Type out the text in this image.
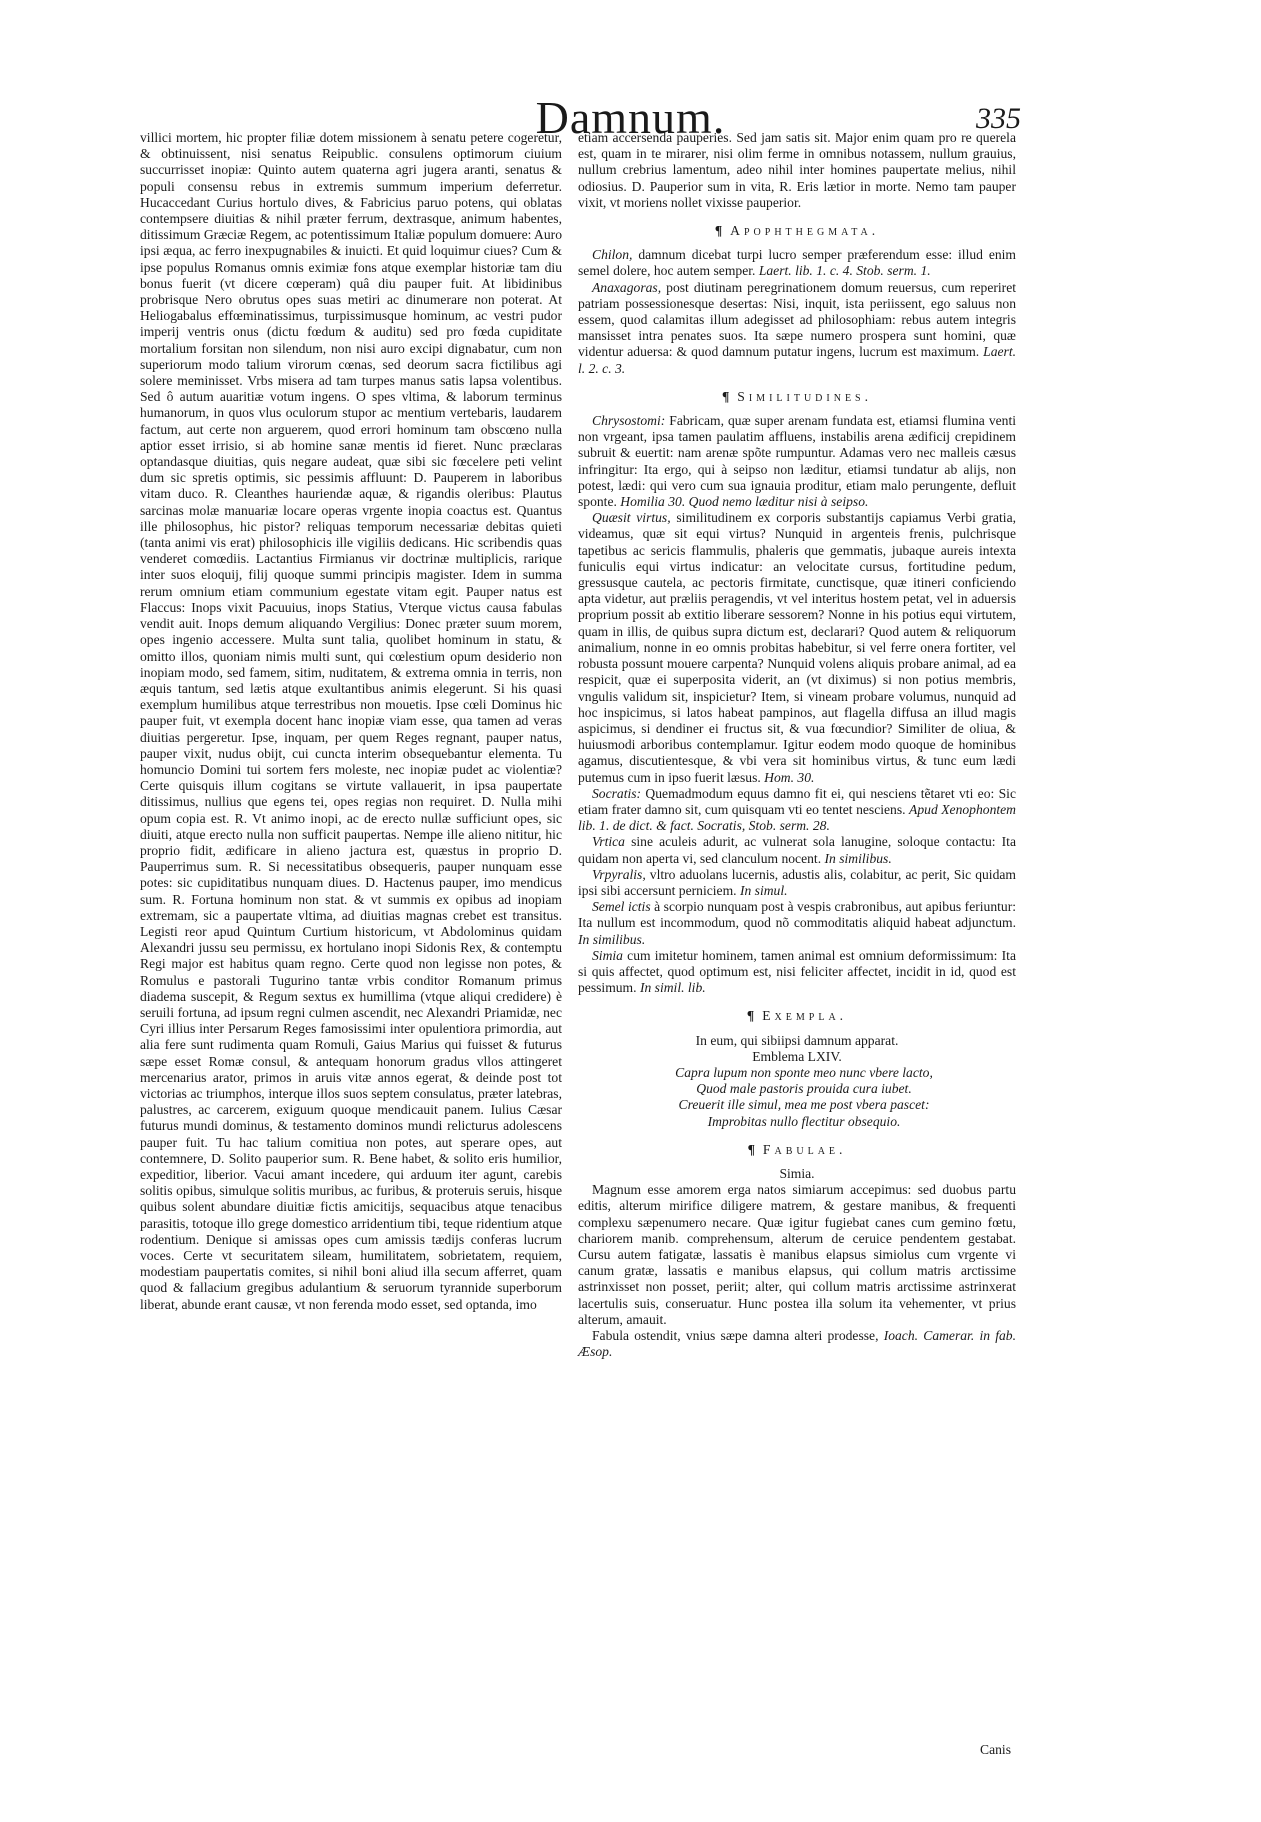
Damnum.	335

villici mortem, hic propter filiæ dotem missionem à senatu petere cogeretur, & obtinuissent, nisi senatus Reipublic. consulens optimorum ciuium succurrisset inopiæ: Quinto autem quaterna agri jugera aranti, senatus & populi consensu rebus in extremis summum imperium deferretur. Hucaccedant Curius hortulo dives, & Fabricius paruo potens, qui oblatas contempsere diuitias & nihil præter ferrum, dextrasque, animum habentes, ditissimum Græciæ Regem, ac potentissimum Italiæ populum domuere: Auro ipsi æqua, ac ferro inexpugnabiles & inuicti. Et quid loquimur ciues? Cum & ipse populus Romanus omnis eximiæ fons atque exemplar historiæ tam diu bonus fuerit (vt dicere cœperam) quâ diu pauper fuit. At libidinibus probrisque Nero obrutus opes suas metiri ac dinumerare non poterat. At Heliogabalus effœminatissimus, turpissimusque hominum, ac vestri pudor imperij ventris onus (dictu fœdum & auditu) sed pro fœda cupiditate mortalium forsitan non silendum, non nisi auro excipi dignabatur, cum non superiorum modo talium virorum cœnas, sed deorum sacra fictilibus agi solere meminisset. Vrbs misera ad tam turpes manus satis lapsa volentibus. Sed ô autum auaritiæ votum ingens. O spes vltima, & laborum terminus humanorum, in quos vlus oculorum stupor ac mentium vertebaris, laudarem factum, aut certe non arguerem, quod errori hominum tam obscœno nulla aptior esset irrisio, si ab homine sanæ mentis id fieret. Nunc præclaras optandasque diuitias, quis negare audeat, quæ sibi sic fœcelere peti velint dum sic spretis optimis, sic pessimis affluunt: D. Pauperem in laboribus vitam duco. R. Cleanthes hauriendæ aquæ, & rigandis oleribus: Plautus sarcinas molæ manuariæ locare operas vrgente inopia coactus est. Quantus ille philosophus, hic pistor? reliquas temporum necessariæ debitas quieti (tanta animi vis erat) philosophicis ille vigiliis dedicans. Hic scribendis quas venderet comœdiis. Lactantius Firmianus vir doctrinæ multiplicis, rarique inter suos eloquij, filij quoque summi principis magister. Idem in summa rerum omnium etiam communium egestate vitam egit. Pauper natus est Flaccus: Inops vixit Pacuuius, inops Statius, Vterque victus causa fabulas vendit auit. Inops demum aliquando Vergilius: Donec præter suum morem, opes ingenio accessere. Multa sunt talia, quolibet hominum in statu, & omitto illos, quoniam nimis multi sunt, qui cœlestium opum desiderio non inopiam modo, sed famem, sitim, nuditatem, & extrema omnia in terris, non æquis tantum, sed lætis atque exultantibus animis elegerunt. Si his quasi exemplum humilibus atque terrestribus non mouetis. Ipse cœli Dominus hic pauper fuit, vt exempla docent hanc inopiæ viam esse, qua tamen ad veras diuitias pergeretur. Ipse, inquam, per quem Reges regnant, pauper natus, pauper vixit, nudus obijt, cui cuncta interim obsequebantur elementa. Tu homuncio Domini tui sortem fers moleste, nec inopiæ pudet ac violentiæ? Certe quisquis illum cogitans se virtute vallauerit, in ipsa paupertate ditissimus, nullius que egens tei, opes regias non requiret. D. Nulla mihi opum copia est. R. Vt animo inopi, ac de erecto nullæ sufficiunt opes, sic diuiti, atque erecto nulla non sufficit paupertas. Nempe ille alieno nititur, hic proprio fidit, ædificare in alieno jactura est, quæstus in proprio D. Pauperrimus sum. R. Si necessitatibus obsequeris, pauper nunquam esse potes: sic cupiditatibus nunquam diues. D. Hactenus pauper, imo mendicus sum. R. Fortuna hominum non stat. & vt summis ex opibus ad inopiam extremam, sic a paupertate vltima, ad diuitias magnas crebet est transitus. Legisti reor apud Quintum Curtium historicum, vt Abdolominus quidam Alexandri jussu seu permissu, ex hortulano inopi Sidonis Rex, & contemptu Regi major est habitus quam regno. Certe quod non legisse non potes, & Romulus e pastorali Tugurino tantæ vrbis conditor Romanum primus diadema suscepit, & Regum sextus ex humillima (vtque aliqui credidere) è seruili fortuna, ad ipsum regni culmen ascendit, nec Alexandri Priamidæ, nec Cyri illius inter Persarum Reges famosissimi inter opulentiora primordia, aut alia fere sunt rudimenta quam Romuli, Gaius Marius qui fuisset & futurus sæpe esset Romæ consul, & antequam honorum gradus vllos attingeret mercenarius arator, primos in aruis vitæ annos egerat, & deinde post tot victorias ac triumphos, interque illos suos septem consulatus, præter latebras, palustres, ac carcerem, exiguum quoque mendicauit panem. Iulius Cæsar futurus mundi dominus, & testamento dominos mundi relicturus adolescens pauper fuit. Tu hac talium comitiua non potes, aut sperare opes, aut contemnere, D. Solito pauperior sum. R. Bene habet, & solito eris humilior, expeditior, liberior. Vacui amant incedere, qui arduum iter agunt, carebis solitis opibus, simulque solitis muribus, ac furibus, & proteruis seruis, hisque quibus solent abundare diuitiæ fictis amicitijs, sequacibus atque tenacibus parasitis, totoque illo grege domestico arridentium tibi, teque ridentium atque rodentium. Denique si amissas opes cum amissis tædijs conferas lucrum voces. Certe vt securitatem sileam, humilitatem, sobrietatem, requiem, modestiam paupertatis comites, si nihil boni aliud illa secum afferret, quam quod & fallacium gregibus adulantium & seruorum tyrannide superborum liberat, abunde erant causæ, vt non ferenda modo esset, sed optanda, imo

etiam accersenda pauperies. Sed jam satis sit. Major enim quam pro re querela est, quam in te mirarer, nisi olim ferme in omnibus notassem, nullum grauius, nullum crebrius lamentum, adeo nihil inter homines paupertate melius, nihil odiosius. D. Pauperior sum in vita, R. Eris lætior in morte. Nemo tam pauper vixit, vt moriens nollet vixisse pauperior.

¶ Apophthegmata.

Chilon, damnum dicebat turpi lucro semper præferendum esse: illud enim semel dolere, hoc autem semper. Laert. lib. 1. c. 4. Stob. serm. 1.

Anaxagoras, post diutinam peregrinationem domum reuersus, cum reperiret patriam possessionesque desertas: Nisi, inquit, ista periissent, ego saluus non essem, quod calamitas illum adegisset ad philosophiam: rebus autem integris mansisset intra penates suos. Ita sæpe numero prospera sunt homini, quæ videntur aduersa: & quod damnum putatur ingens, lucrum est maximum. Laert. l. 2. c. 3.

¶ Similitudines.

Chrysostomi: Fabricam, quæ super arenam fundata est, etiamsi flumina venti non vrgeant, ipsa tamen paulatim affluens, instabilis arena ædificij crepidinem subruit & euertit: nam arenæ spõte rumpuntur. Adamas vero nec malleis cæsus infringitur: Ita ergo, qui à seipso non læditur, etiamsi tundatur ab alijs, non potest, lædi: qui vero cum sua ignauia proditur, etiam malo perungente, defluit sponte. Homilia 30. Quod nemo læditur nisi à seipso.

Quæsit virtus, similitudinem ex corporis substantijs capiamus Verbi gratia, videamus, quæ sit equi virtus? Nunquid in argenteis frenis, pulchrisque tapetibus ac sericis flammulis, phaleris que gemmatis, jubaque aureis intexta funiculis equi virtus indicatur: an velocitate cursus, fortitudine pedum, gressusque cautela, ac pectoris firmitate, cunctisque, quæ itineri conficiendo apta videtur, aut præliis peragendis, vt vel interitus hostem petat, vel in aduersis proprium possit ab extitio liberare sessorem? Nonne in his potius equi virtutem, quam in illis, de quibus supra dictum est, declarari? Quod autem & reliquorum animalium, nonne in eo omnis probitas habebitur, si vel ferre onera fortiter, vel robusta possunt mouere carpenta? Nunquid volens aliquis probare animal, ad ea respicit, quæ ei superposita viderit, an (vt diximus) si non potius membris, vngulis validum sit, inspicietur? Item, si vineam probare volumus, nunquid ad hoc inspicimus, si latos habeat pampinos, aut flagella diffusa an illud magis aspicimus, si dendiner ei fructus sit, & vua fœcundior? Similiter de oliua, & huiusmodi arboribus contemplamur. Igitur eodem modo quoque de hominibus agamus, discutientesque, & vbi vera sit hominibus virtus, & tunc eum lædi putemus cum in ipso fuerit læsus. Hom. 30.

Socratis: Quemadmodum equus damno fit ei, qui nesciens tẽtaret vti eo: Sic etiam frater damno sit, cum quisquam vti eo tentet nesciens. Apud Xenophontem lib. 1. de dict. & fact. Socratis, Stob. serm. 28.

Vrtica sine aculeis adurit, ac vulnerat sola lanugine, soloque contactu: Ita quidam non aperta vi, sed clanculum nocent. In similibus.

Vrpyralis, vltro aduolans lucernis, adustis alis, colabitur, ac perit, Sic quidam ipsi sibi accersunt perniciem. In simul.

Semel ictis à scorpio nunquam post à vespis crabronibus, aut apibus feriuntur: Ita nullum est incommodum, quod nõ commoditatis aliquid habeat adjunctum. In similibus.

Simia cum imitetur hominem, tamen animal est omnium deformissimum: Ita si quis affectet, quod optimum est, nisi feliciter affectet, incidit in id, quod est pessimum. In simil. lib.

¶ Exempla.

In eum, qui sibiipsi damnum apparat.

Emblema LXIV.

Capra lupum non sponte meo nunc vbere lacto,

Quod male pastoris prouida cura iubet.

Creuerit ille simul, mea me post vbera pascet:

Improbitas nullo flectitur obsequio.

¶ Fabulae.

Simia.

Magnum esse amorem erga natos simiarum accepimus: sed duobus partu editis, alterum mirifice diligere matrem, & gestare manibus, & frequenti complexu sæpenumero necare. Quæ igitur fugiebat canes cum gemino fœtu, chariorem manib. comprehensum, alterum de ceruice pendentem gestabat. Cursu autem fatigatæ, lassatis è manibus elapsus simiolus cum vrgente vi canum gratæ, lassatis e manibus elapsus, qui collum matris arctissime astrinxisset non posset, periit; alter, qui collum matris arctissime astrinxerat lacertulis suis, conseruatur. Hunc postea illa solum ita vehementer, vt prius alterum, amauit.

Fabula ostendit, vnius sæpe damna alteri prodesse, Ioach. Camerar. in fab. Æsop.

Canis
